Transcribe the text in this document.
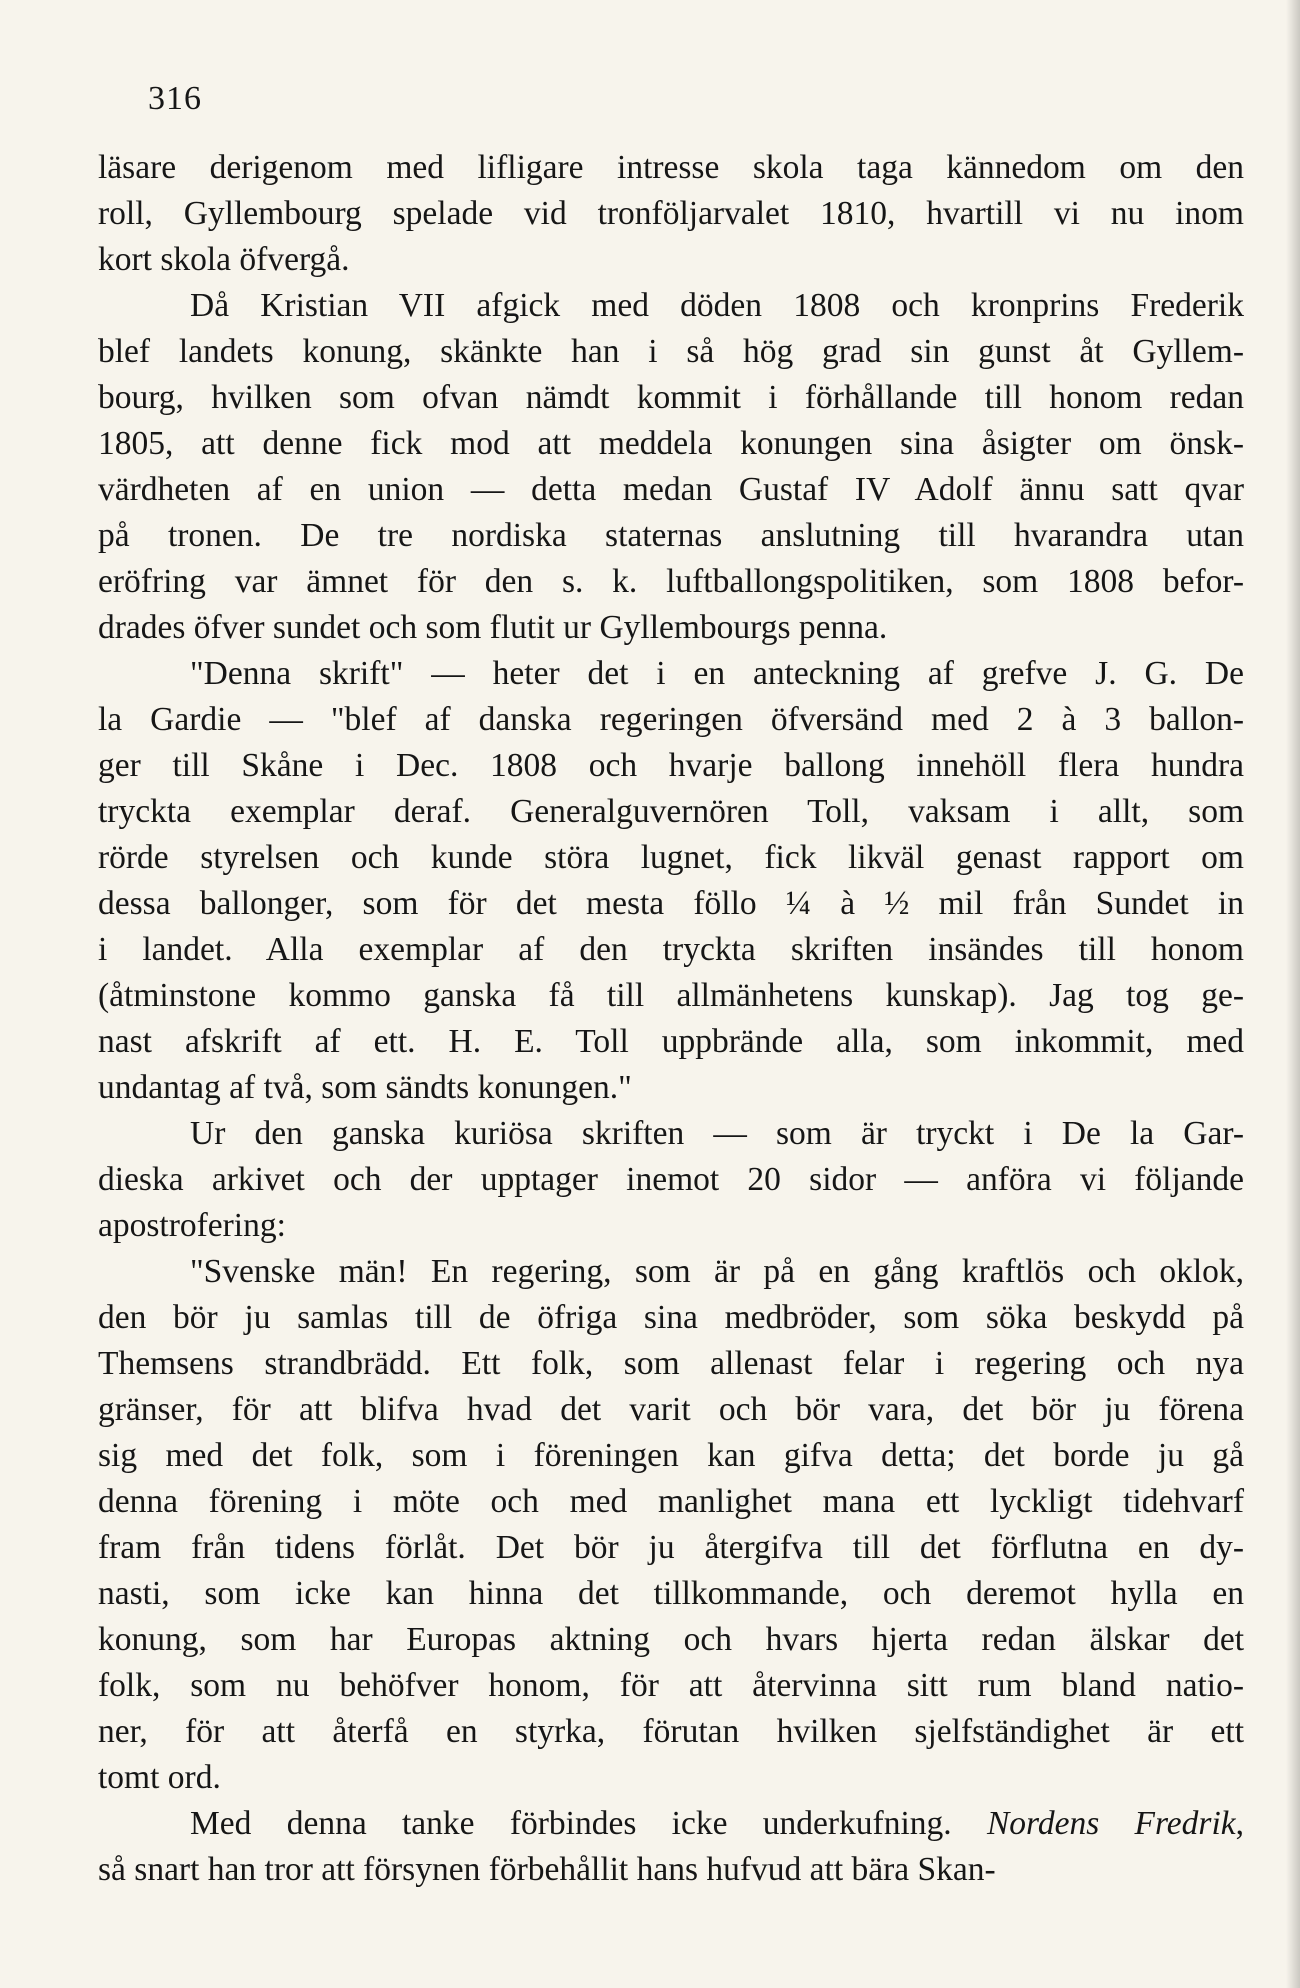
316
läsare derigenom med lifligare intresse skola taga kännedom om den
roll, Gyllembourg spelade vid tronföljarvalet 1810, hvartill vi nu inom
kort skola öfvergå.
Då Kristian VII afgick med döden 1808 och kronprins Frederik
blef landets konung, skänkte han i så hög grad sin gunst åt Gyllem-
bourg, hvilken som ofvan nämdt kommit i förhållande till honom redan
1805, att denne fick mod att meddela konungen sina åsigter om önsk-
värdheten af en union — detta medan Gustaf IV Adolf ännu satt qvar
på tronen. De tre nordiska staternas anslutning till hvarandra utan
eröfring var ämnet för den s. k. luftballongspolitiken, som 1808 befor-
drades öfver sundet och som flutit ur Gyllembourgs penna.
"Denna skrift" — heter det i en anteckning af grefve J. G. De
la Gardie — "blef af danska regeringen öfversänd med 2 à 3 ballon-
ger till Skåne i Dec. 1808 och hvarje ballong innehöll flera hundra
tryckta exemplar deraf. Generalguvernören Toll, vaksam i allt, som
rörde styrelsen och kunde störa lugnet, fick likväl genast rapport om
dessa ballonger, som för det mesta föllo ¼ à ½ mil från Sundet in
i landet. Alla exemplar af den tryckta skriften insändes till honom
(åtminstone kommo ganska få till allmänhetens kunskap). Jag tog ge-
nast afskrift af ett. H. E. Toll uppbrände alla, som inkommit, med
undantag af två, som sändts konungen."
Ur den ganska kuriösa skriften — som är tryckt i De la Gar-
dieska arkivet och der upptager inemot 20 sidor — anföra vi följande
apostrofering:
"Svenske män! En regering, som är på en gång kraftlös och oklok,
den bör ju samlas till de öfriga sina medbröder, som söka beskydd på
Themsens strandbrädd. Ett folk, som allenast felar i regering och nya
gränser, för att blifva hvad det varit och bör vara, det bör ju förena
sig med det folk, som i föreningen kan gifva detta; det borde ju gå
denna förening i möte och med manlighet mana ett lyckligt tidehvarf
fram från tidens förlåt. Det bör ju återgifva till det förflutna en dy-
nasti, som icke kan hinna det tillkommande, och deremot hylla en
konung, som har Europas aktning och hvars hjerta redan älskar det
folk, som nu behöfver honom, för att återvinna sitt rum bland natio-
ner, för att återfå en styrka, förutan hvilken sjelfständighet är ett
tomt ord.
Med denna tanke förbindes icke underkufning. Nordens Fredrik,
så snart han tror att försynen förbehållit hans hufvud att bära Skan-
